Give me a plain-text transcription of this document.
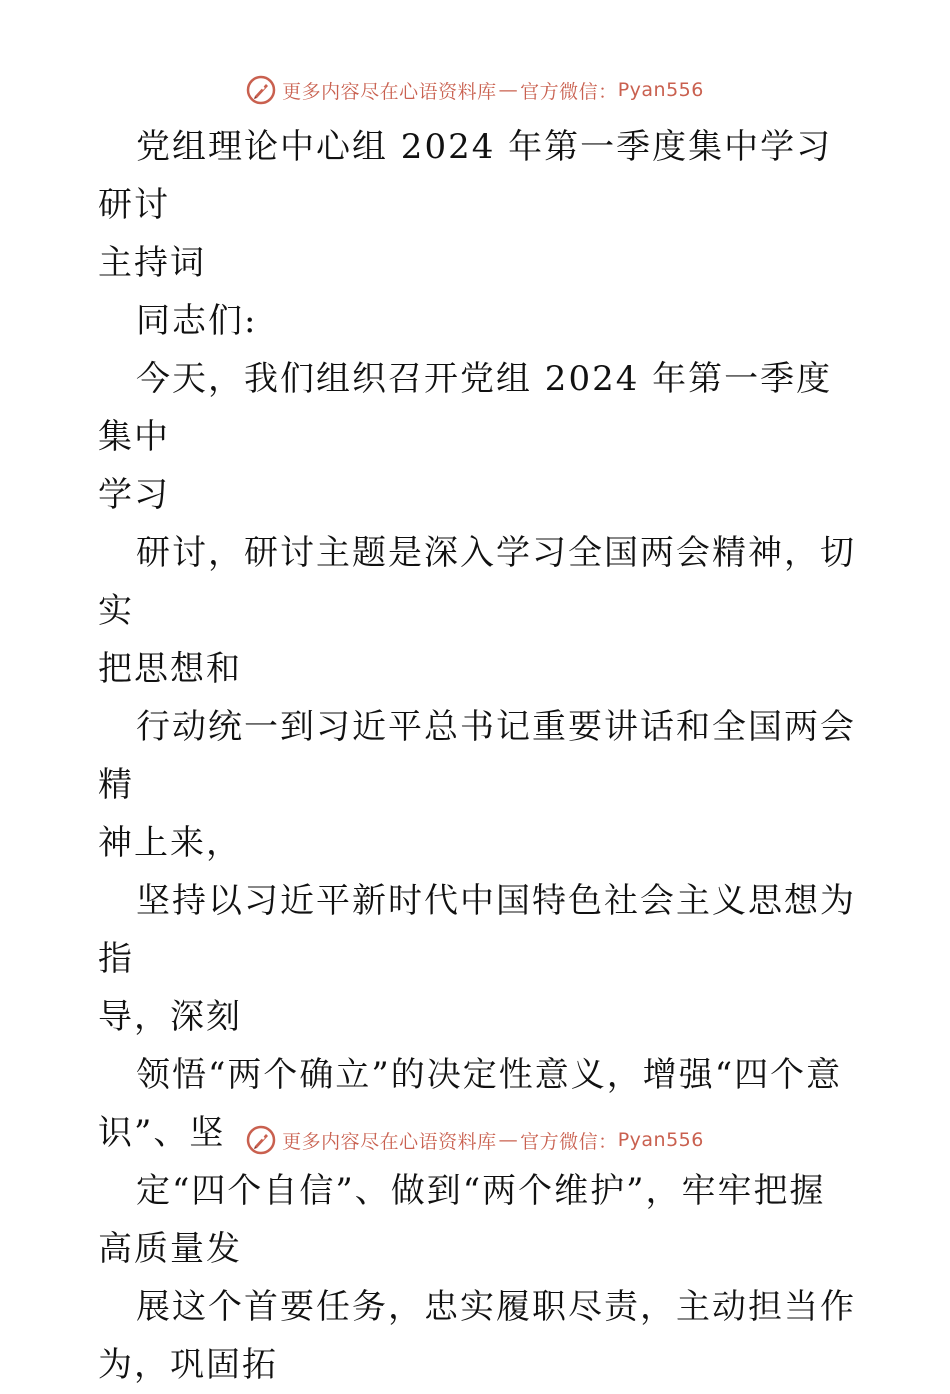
更多内容尽在心语资料库 — 官方微信： Pyan556

党组理论中心组 2024 年第一季度集中学习研讨

主持词

同志们:

今天，我们组织召开党组 2024 年第一季度集中

学习

研讨，研讨主题是深入学习全国两会精神，切实

把思想和

行动统一到习近平总书记重要讲话和全国两会精

神上来，

坚持以习近平新时代中国特色社会主义思想为指

导，深刻

领悟“两个确立”的决定性意义，增强“四个意

识”、坚

定“四个自信”、做到“两个维护”，牢牢把握

高质量发

展这个首要任务，忠实履职尽责，主动担当作

为，巩固拓

更多内容尽在心语资料库 — 官方微信： Pyan556
